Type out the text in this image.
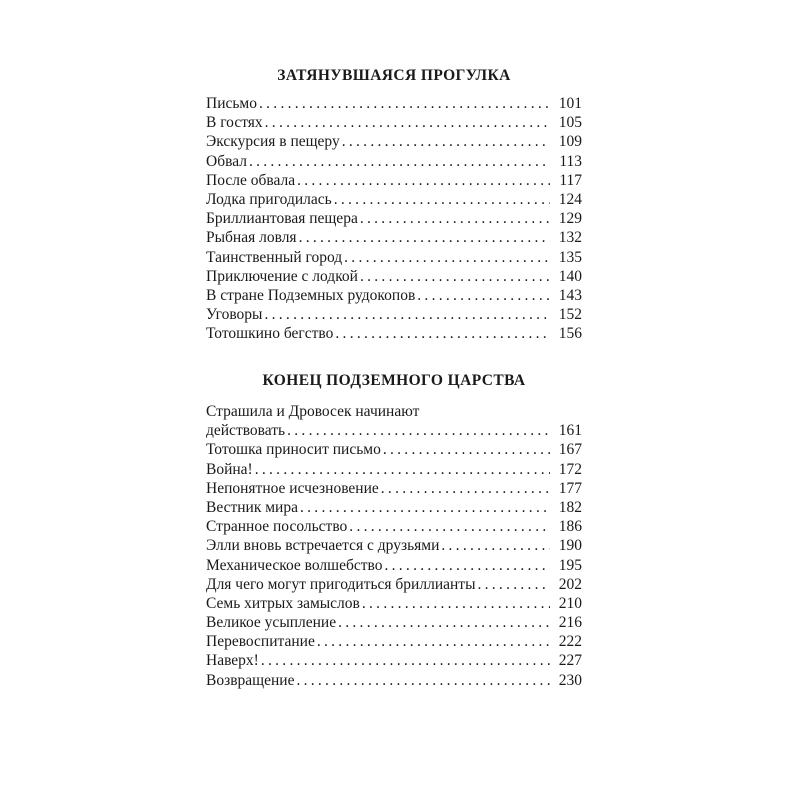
ЗАТЯНУВШАЯСЯ ПРОГУЛКА
Письмо . . .	101
В гостях . . .	105
Экскурсия в пещеру . . .	109
Обвал . . .	113
После обвала . . .	117
Лодка пригодилась . . .	124
Бриллиантовая пещера . . .	129
Рыбная ловля . . .	132
Таинственный город . . .	135
Приключение с лодкой . . .	140
В стране Подземных рудокопов . . .	143
Уговоры . . .	152
Тотошкино бегство . . .	156
КОНЕЦ ПОДЗЕМНОГО ЦАРСТВА
Страшила и Дровосек начинают
действовать . . .	161
Тотошка приносит письмо . . .	167
Война! . . .	172
Непонятное исчезновение . . .	177
Вестник мира . . .	182
Странное посольство . . .	186
Элли вновь встречается с друзьями . . .	190
Механическое волшебство . . .	195
Для чего могут пригодиться бриллианты . . .	202
Семь хитрых замыслов . . .	210
Великое усыпление . . .	216
Перевоспитание . . .	222
Наверх! . . .	227
Возвращение . . .	230
